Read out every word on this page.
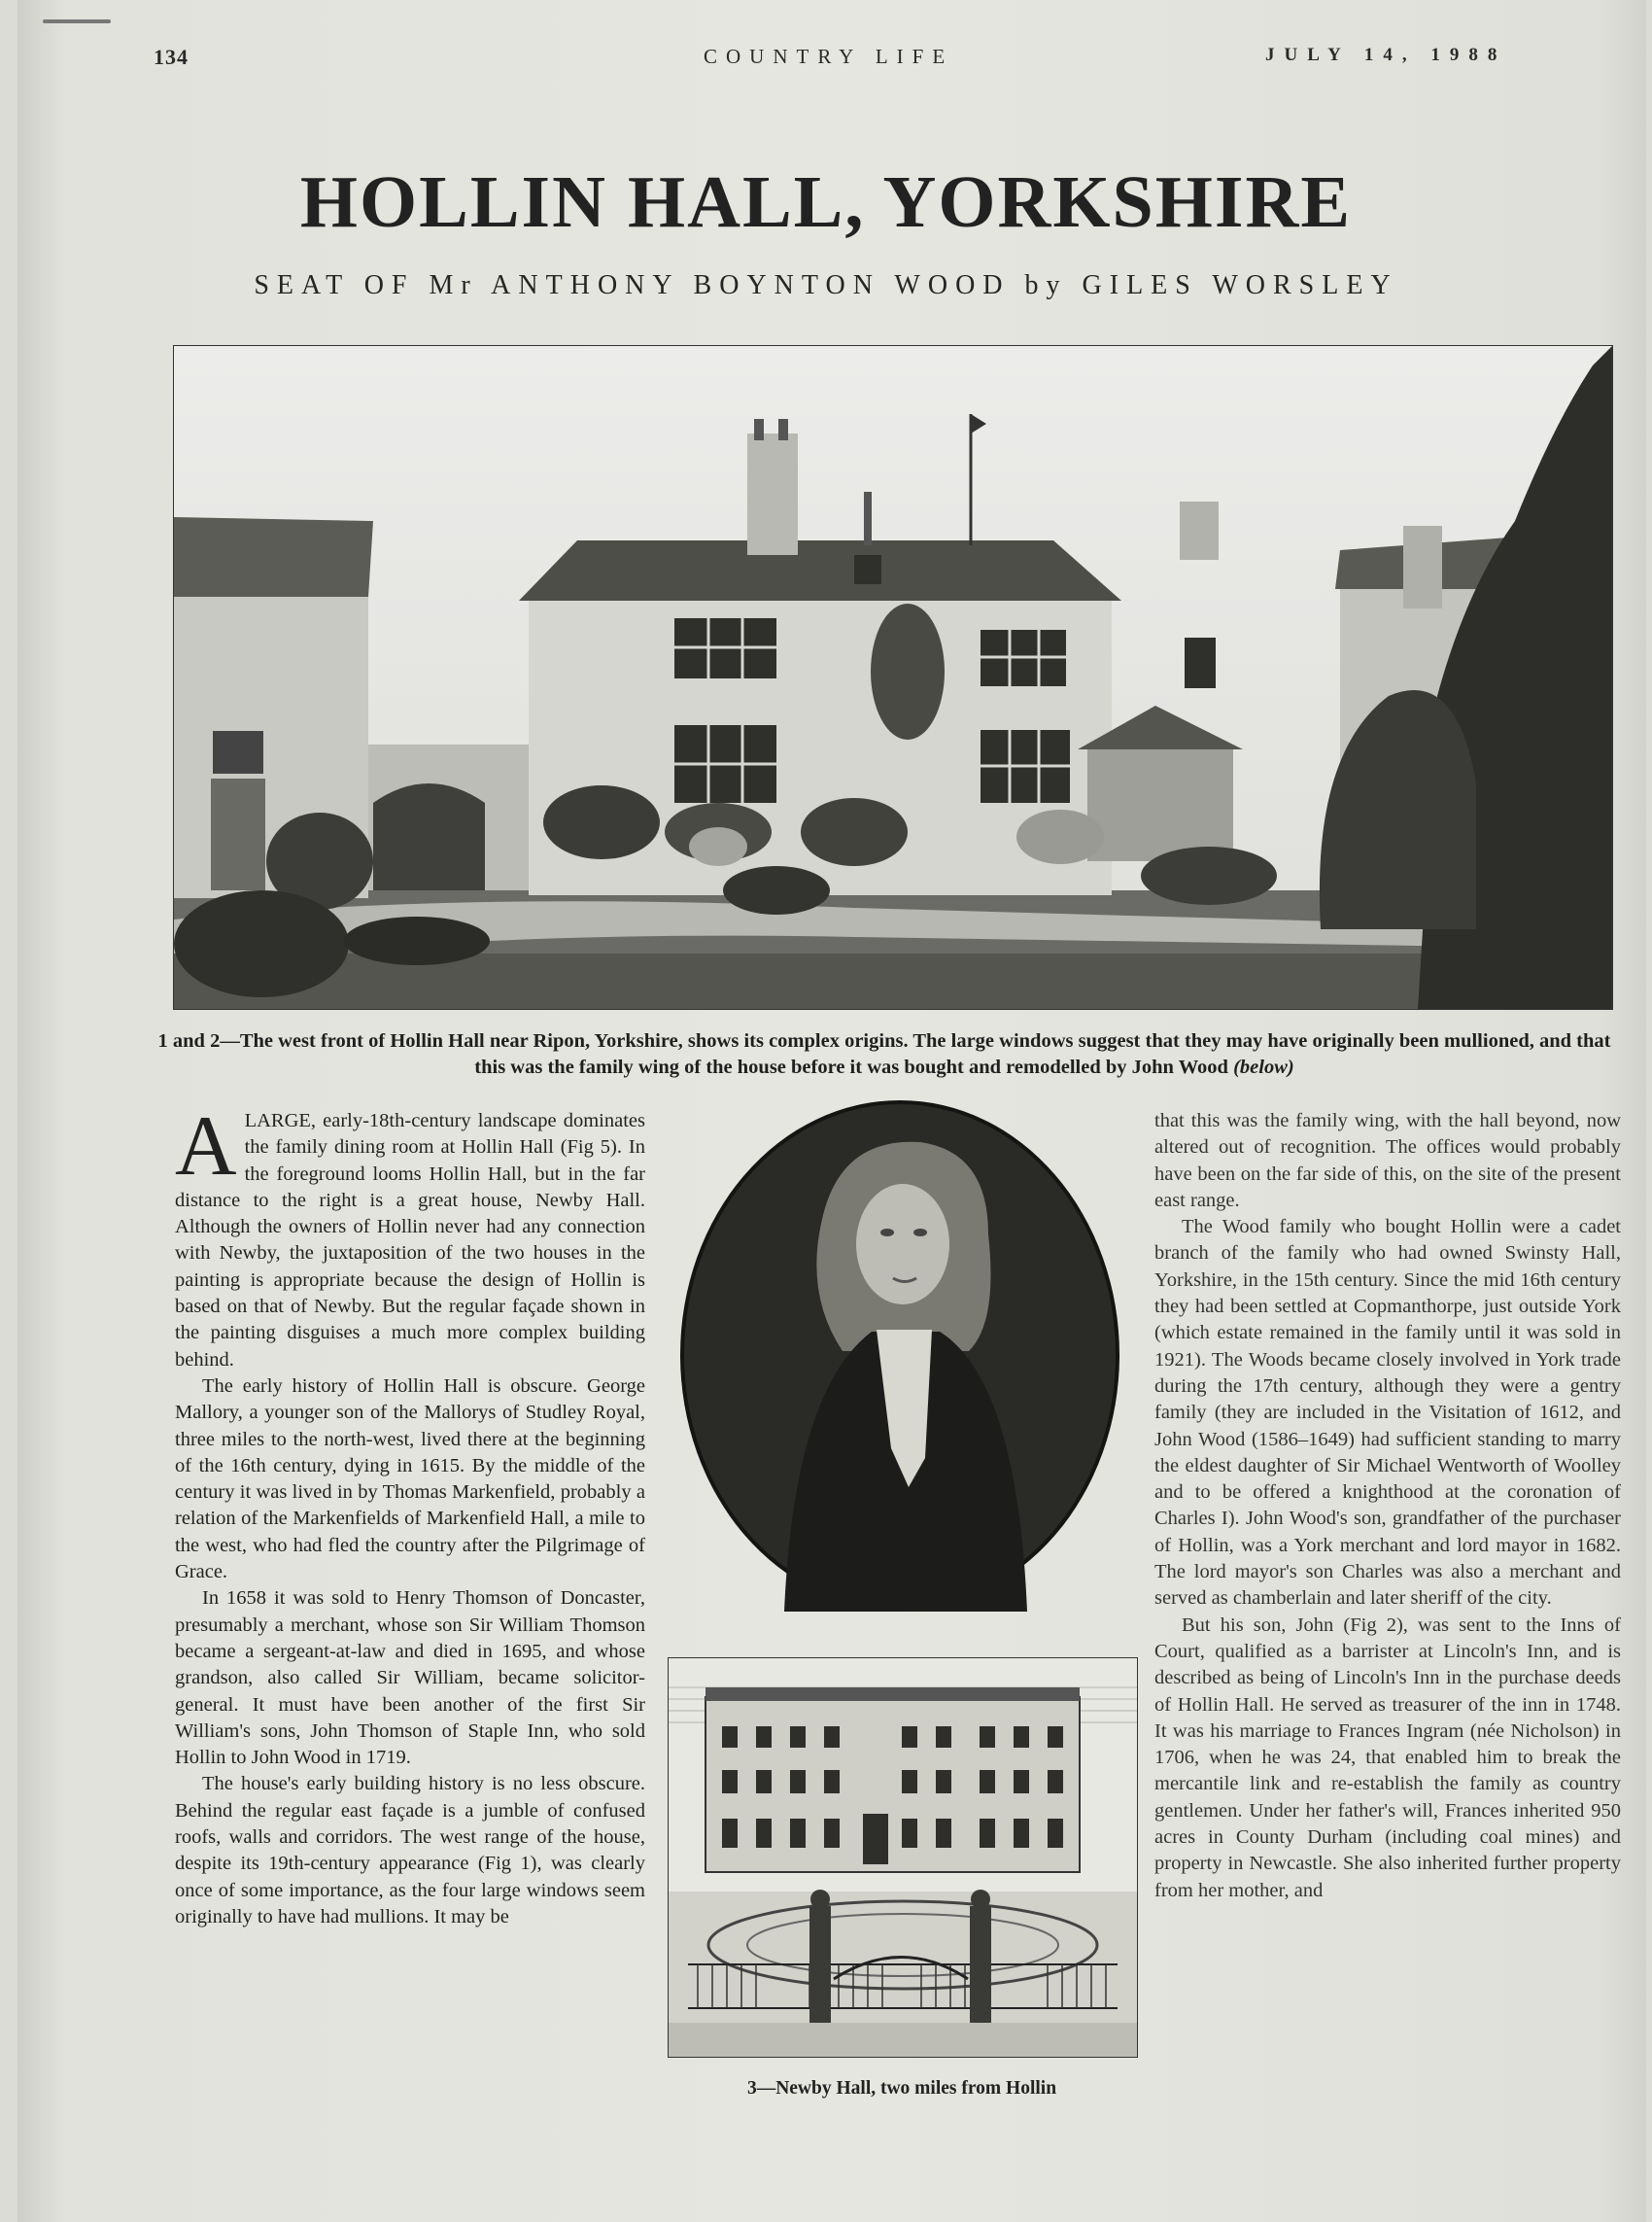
134	COUNTRY LIFE	JULY 14, 1988
HOLLIN HALL, YORKSHIRE
SEAT OF Mr ANTHONY BOYNTON WOOD by GILES WORSLEY
1 and 2—The west front of Hollin Hall near Ripon, Yorkshire, shows its complex origins. The large windows suggest that they may have originally been mullioned, and that this was the family wing of the house before it was bought and remodelled by John Wood (below)

ALARGE, early-18th-century landscape dominates the family dining room at Hollin Hall (Fig 5). In the foreground looms Hollin Hall, but in the far distance to the right is a great house, Newby Hall. Although the owners of Hollin never had any connection with Newby, the juxtaposition of the two houses in the painting is appropriate because the design of Hollin is based on that of Newby. But the regular façade shown in the painting disguises a much more complex building behind.

The early history of Hollin Hall is obscure. George Mallory, a younger son of the Mallorys of Studley Royal, three miles to the north-west, lived there at the beginning of the 16th century, dying in 1615. By the middle of the century it was lived in by Thomas Markenfield, probably a relation of the Markenfields of Markenfield Hall, a mile to the west, who had fled the country after the Pilgrimage of Grace.

In 1658 it was sold to Henry Thomson of Doncaster, presumably a merchant, whose son Sir William Thomson became a sergeant-at-law and died in 1695, and whose grandson, also called Sir William, became solicitor-general. It must have been another of the first Sir William's sons, John Thomson of Staple Inn, who sold Hollin to John Wood in 1719.

The house's early building history is no less obscure. Behind the regular east façade is a jumble of confused roofs, walls and corridors. The west range of the house, despite its 19th-century appearance (Fig 1), was clearly once of some importance, as the four large windows seem originally to have had mullions. It may be

3—Newby Hall, two miles from Hollin

that this was the family wing, with the hall beyond, now altered out of recognition. The offices would probably have been on the far side of this, on the site of the present east range.

The Wood family who bought Hollin were a cadet branch of the family who had owned Swinsty Hall, Yorkshire, in the 15th century. Since the mid 16th century they had been settled at Copmanthorpe, just outside York (which estate remained in the family until it was sold in 1921). The Woods became closely involved in York trade during the 17th century, although they were a gentry family (they are included in the Visitation of 1612, and John Wood (1586–1649) had sufficient standing to marry the eldest daughter of Sir Michael Wentworth of Woolley and to be offered a knighthood at the coronation of Charles I). John Wood's son, grandfather of the purchaser of Hollin, was a York merchant and lord mayor in 1682. The lord mayor's son Charles was also a merchant and served as chamberlain and later sheriff of the city.

But his son, John (Fig 2), was sent to the Inns of Court, qualified as a barrister at Lincoln's Inn, and is described as being of Lincoln's Inn in the purchase deeds of Hollin Hall. He served as treasurer of the inn in 1748. It was his marriage to Frances Ingram (née Nicholson) in 1706, when he was 24, that enabled him to break the mercantile link and re-establish the family as country gentlemen. Under her father's will, Frances inherited 950 acres in County Durham (including coal mines) and property in Newcastle. She also inherited further property from her mother, and
